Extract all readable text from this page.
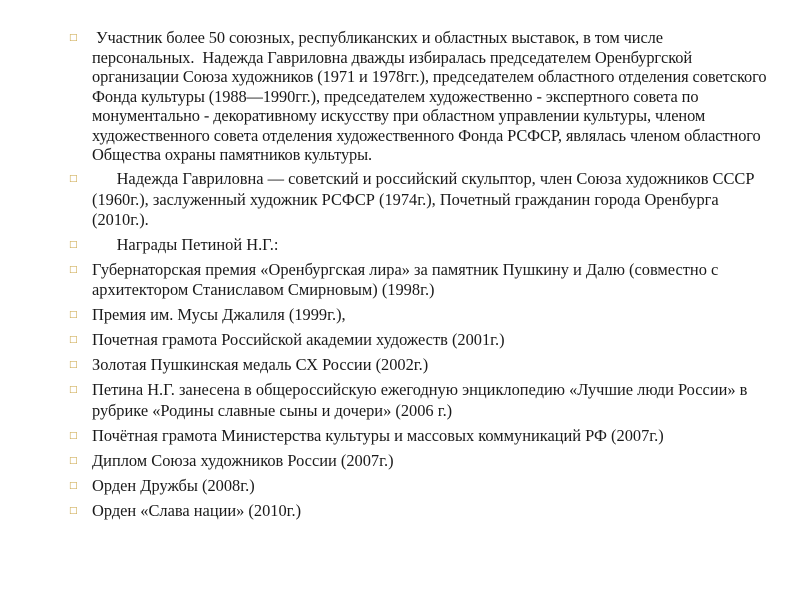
□ Участник более 50 союзных, республиканских и областных выставок, в том числе персональных.  Надежда Гавриловна дважды избиралась председателем Оренбургской организации Союза художников (1971 и 1978гг.), председателем областного отделения советского Фонда культуры (1988—1990гг.), председателем художественно - экспертного совета по монументально - декоративному искусству при областном управлении культуры, членом художественного совета отделения художественного Фонда РСФСР, являлась членом областного Общества охраны памятников культуры.
□ Надежда Гавриловна — советский и российский скульптор, член Союза художников СССР (1960г.), заслуженный художник РСФСР (1974г.), Почетный гражданин города Оренбурга (2010г.).
□ Награды Петиной Н.Г.:
□ Губернаторская премия «Оренбургская лира» за памятник Пушкину и Далю (совместно с архитектором Станиславом Смирновым) (1998г.)
□ Премия им. Мусы Джалиля (1999г.),
□ Почетная грамота Российской академии художеств (2001г.)
□ Золотая Пушкинская медаль СХ России (2002г.)
□ Петина Н.Г. занесена в общероссийскую ежегодную энциклопедию «Лучшие люди России» в рубрике «Родины славные сыны и дочери» (2006 г.)
□ Почётная грамота Министерства культуры и массовых коммуникаций РФ (2007г.)
□ Диплом Союза художников России (2007г.)
□ Орден Дружбы (2008г.)
□ Орден «Слава нации» (2010г.)
